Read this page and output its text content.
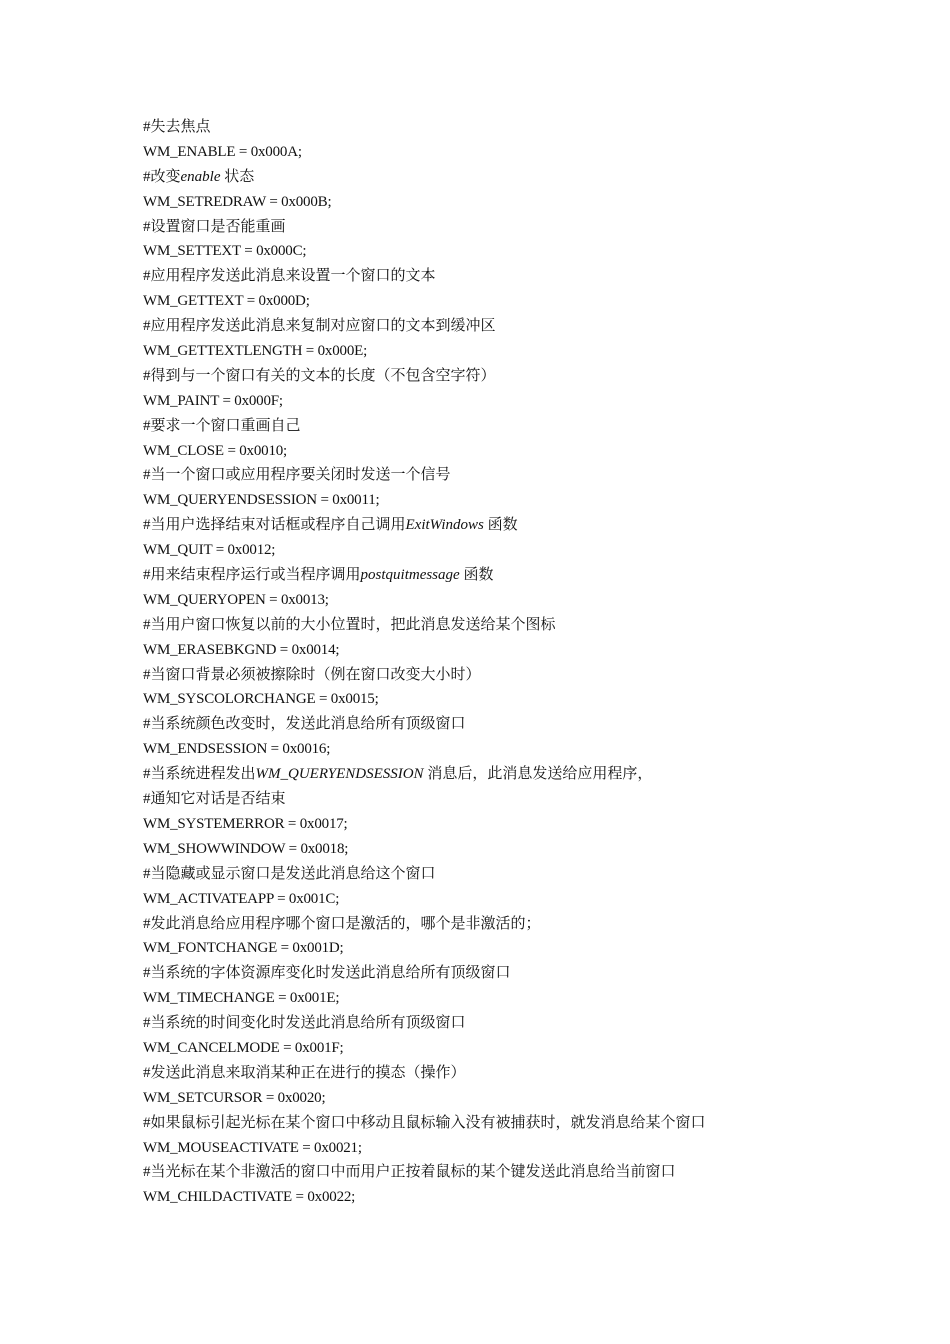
#失去焦点
WM_ENABLE = 0x000A;
#改变enable 状态
WM_SETREDRAW = 0x000B;
#设置窗口是否能重画
WM_SETTEXT = 0x000C;
#应用程序发送此消息来设置一个窗口的文本
WM_GETTEXT = 0x000D;
#应用程序发送此消息来复制对应窗口的文本到缓冲区
WM_GETTEXTLENGTH = 0x000E;
#得到与一个窗口有关的文本的长度（不包含空字符）
WM_PAINT = 0x000F;
#要求一个窗口重画自己
WM_CLOSE = 0x0010;
#当一个窗口或应用程序要关闭时发送一个信号
WM_QUERYENDSESSION = 0x0011;
#当用户选择结束对话框或程序自己调用ExitWindows 函数
WM_QUIT = 0x0012;
#用来结束程序运行或当程序调用postquitmessage 函数
WM_QUERYOPEN = 0x0013;
#当用户窗口恢复以前的大小位置时，把此消息发送给某个图标
WM_ERASEBKGND = 0x0014;
#当窗口背景必须被擦除时（例在窗口改变大小时）
WM_SYSCOLORCHANGE = 0x0015;
#当系统颜色改变时，发送此消息给所有顶级窗口
WM_ENDSESSION = 0x0016;
#当系统进程发出WM_QUERYENDSESSION 消息后，此消息发送给应用程序，
#通知它对话是否结束
WM_SYSTEMERROR = 0x0017;
WM_SHOWWINDOW = 0x0018;
#当隐藏或显示窗口是发送此消息给这个窗口
WM_ACTIVATEAPP = 0x001C;
#发此消息给应用程序哪个窗口是激活的，哪个是非激活的；
WM_FONTCHANGE = 0x001D;
#当系统的字体资源库变化时发送此消息给所有顶级窗口
WM_TIMECHANGE = 0x001E;
#当系统的时间变化时发送此消息给所有顶级窗口
WM_CANCELMODE = 0x001F;
#发送此消息来取消某种正在进行的摸态（操作）
WM_SETCURSOR = 0x0020;
#如果鼠标引起光标在某个窗口中移动且鼠标输入没有被捕获时，就发消息给某个窗口
WM_MOUSEACTIVATE = 0x0021;
#当光标在某个非激活的窗口中而用户正按着鼠标的某个键发送此消息给当前窗口
WM_CHILDACTIVATE = 0x0022;
